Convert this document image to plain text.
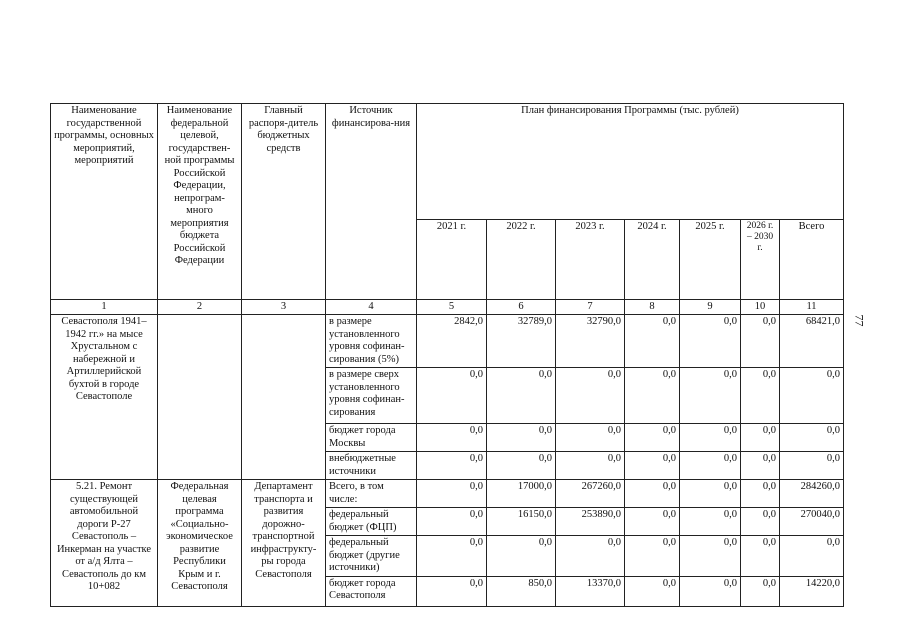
Наименование государственной программы, основных мероприятий, мероприятий	Наименование федеральной целевой, государствен-ной программы Российской Федерации, непрограм-много мероприятия бюджета Российской Федерации	Главный распоря-дитель бюджетных средств	Источник финансирова-ния	План финансирования Программы (тыс. рублей)						
				2021 г.	2022 г.	2023 г.	2024 г.	2025 г.	2026 г. – 2030 г.	Всего
1	2	3	4	5	6	7	8	9	10	11
Севастополя 1941–1942 гг.» на мысе Хрустальном с набережной и Артиллерийской бухтой в городе Севастополе			в размере установленного уровня софинан-сирования (5%)	2842,0	32789,0	32790,0	0,0	0,0	0,0	68421,0
			в размере сверх установленного уровня софинан-сирования	0,0	0,0	0,0	0,0	0,0	0,0	0,0
			бюджет города Москвы	0,0	0,0	0,0	0,0	0,0	0,0	0,0
			внебюджетные источники	0,0	0,0	0,0	0,0	0,0	0,0	0,0
5.21. Ремонт существующей автомобильной дороги Р-27 Севастополь – Инкерман на участке от а/д Ялта – Севастополь до км 10+082	Федеральная целевая программа «Социально-экономическое развитие Республики Крым и г. Севастополя	Департамент транспорта и развития дорожно-транспортной инфраструкту-ры города Севастополя	Всего, в том числе:	0,0	17000,0	267260,0	0,0	0,0	0,0	284260,0
			федеральный бюджет (ФЦП)	0,0	16150,0	253890,0	0,0	0,0	0,0	270040,0
			федеральный бюджет (другие источники)	0,0	0,0	0,0	0,0	0,0	0,0	0,0
			бюджет города Севастополя	0,0	850,0	13370,0	0,0	0,0	0,0	14220,0
77
